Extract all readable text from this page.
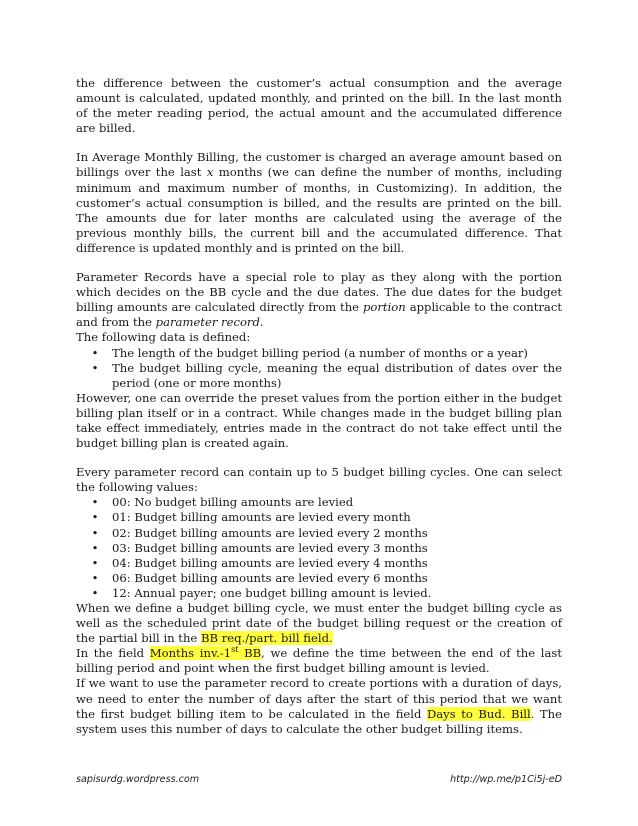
the difference between the customer’s actual consumption and the average amount is calculated, updated monthly, and printed on the bill. In the last month of the meter reading period, the actual amount and the accumulated difference are billed.

In Average Monthly Billing, the customer is charged an average amount based on billings over the last x months (we can define the number of months, including minimum and maximum number of months, in Customizing). In addition, the customer’s actual consumption is billed, and the results are printed on the bill. The amounts due for later months are calculated using the average of the previous monthly bills, the current bill and the accumulated difference. That difference is updated monthly and is printed on the bill.

Parameter Records have a special role to play as they along with the portion which decides on the BB cycle and the due dates. The due dates for the budget billing amounts are calculated directly from the portion applicable to the contract and from the parameter record.

The following data is defined:

•	The length of the budget billing period (a number of months or a year)
•	The budget billing cycle, meaning the equal distribution of dates over the period (one or more months)

However, one can override the preset values from the portion either in the budget billing plan itself or in a contract. While changes made in the budget billing plan take effect immediately, entries made in the contract do not take effect until the budget billing plan is created again.

Every parameter record can contain up to 5 budget billing cycles. One can select the following values:

•	00: No budget billing amounts are levied
•	01: Budget billing amounts are levied every month
•	02: Budget billing amounts are levied every 2 months
•	03: Budget billing amounts are levied every 3 months
•	04: Budget billing amounts are levied every 4 months
•	06: Budget billing amounts are levied every 6 months
•	12: Annual payer; one budget billing amount is levied.

When we define a budget billing cycle, we must enter the budget billing cycle as well as the scheduled print date of the budget billing request or the creation of the partial bill in the BB req./part. bill field.

In the field Months inv.-1st BB, we define the time between the end of the last billing period and point when the first budget billing amount is levied.

If we want to use the parameter record to create portions with a duration of days, we need to enter the number of days after the start of this period that we want the first budget billing item to be calculated in the field Days to Bud. Bill. The system uses this number of days to calculate the other budget billing items.

sapisurdg.wordpress.com	http://wp.me/p1Ci5j-eD
